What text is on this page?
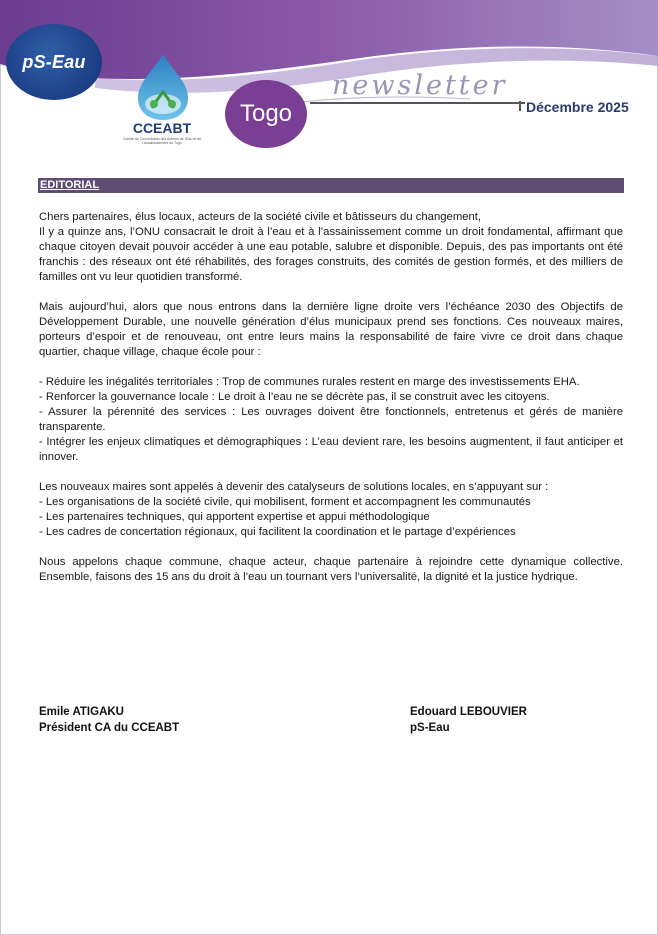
pS-Eau
CCEABT
Comité de Concertation des Acteurs de l'Eau et de l'Assainissement du Togo
Togo
newsletter
Décembre 2025
EDITORIAL

Chers partenaires, élus locaux, acteurs de la société civile et bâtisseurs du changement,

Il y a quinze ans, l’ONU consacrait le droit à l’eau et à l’assainissement comme un droit fondamental, affirmant que chaque citoyen devait pouvoir accéder à une eau potable, salubre et disponible. Depuis, des pas importants ont été franchis : des réseaux ont été réhabilités, des forages construits, des comités de gestion formés, et des milliers de familles ont vu leur quotidien transformé.

Mais aujourd’hui, alors que nous entrons dans la dernière ligne droite vers l’échéance 2030 des Objectifs de Développement Durable, une nouvelle génération d’élus municipaux prend ses fonctions. Ces nouveaux maires, porteurs d’espoir et de renouveau, ont entre leurs mains la responsabilité de faire vivre ce droit dans chaque quartier, chaque village, chaque école pour :

- Réduire les inégalités territoriales : Trop de communes rurales restent en marge des investissements EHA.

- Renforcer la gouvernance locale : Le droit à l’eau ne se décrète pas, il se construit avec les citoyens.

- Assurer la pérennité des services : Les ouvrages doivent être fonctionnels, entretenus et gérés de manière transparente.

- Intégrer les enjeux climatiques et démographiques : L’eau devient rare, les besoins augmentent, il faut anticiper et innover.

Les nouveaux maires sont appelés à devenir des catalyseurs de solutions locales, en s’appuyant sur :

- Les organisations de la société civile, qui mobilisent, forment et accompagnent les communautés

- Les partenaires techniques, qui apportent expertise et appui méthodologique

- Les cadres de concertation régionaux, qui facilitent la coordination et le partage d’expériences

Nous appelons chaque commune, chaque acteur, chaque partenaire à rejoindre cette dynamique collective. Ensemble, faisons des 15 ans du droit à l’eau un tournant vers l’universalité, la dignité et la justice hydrique.

Emile ATIGAKU
Président CA du CCEABT
Edouard LEBOUVIER
pS-Eau
